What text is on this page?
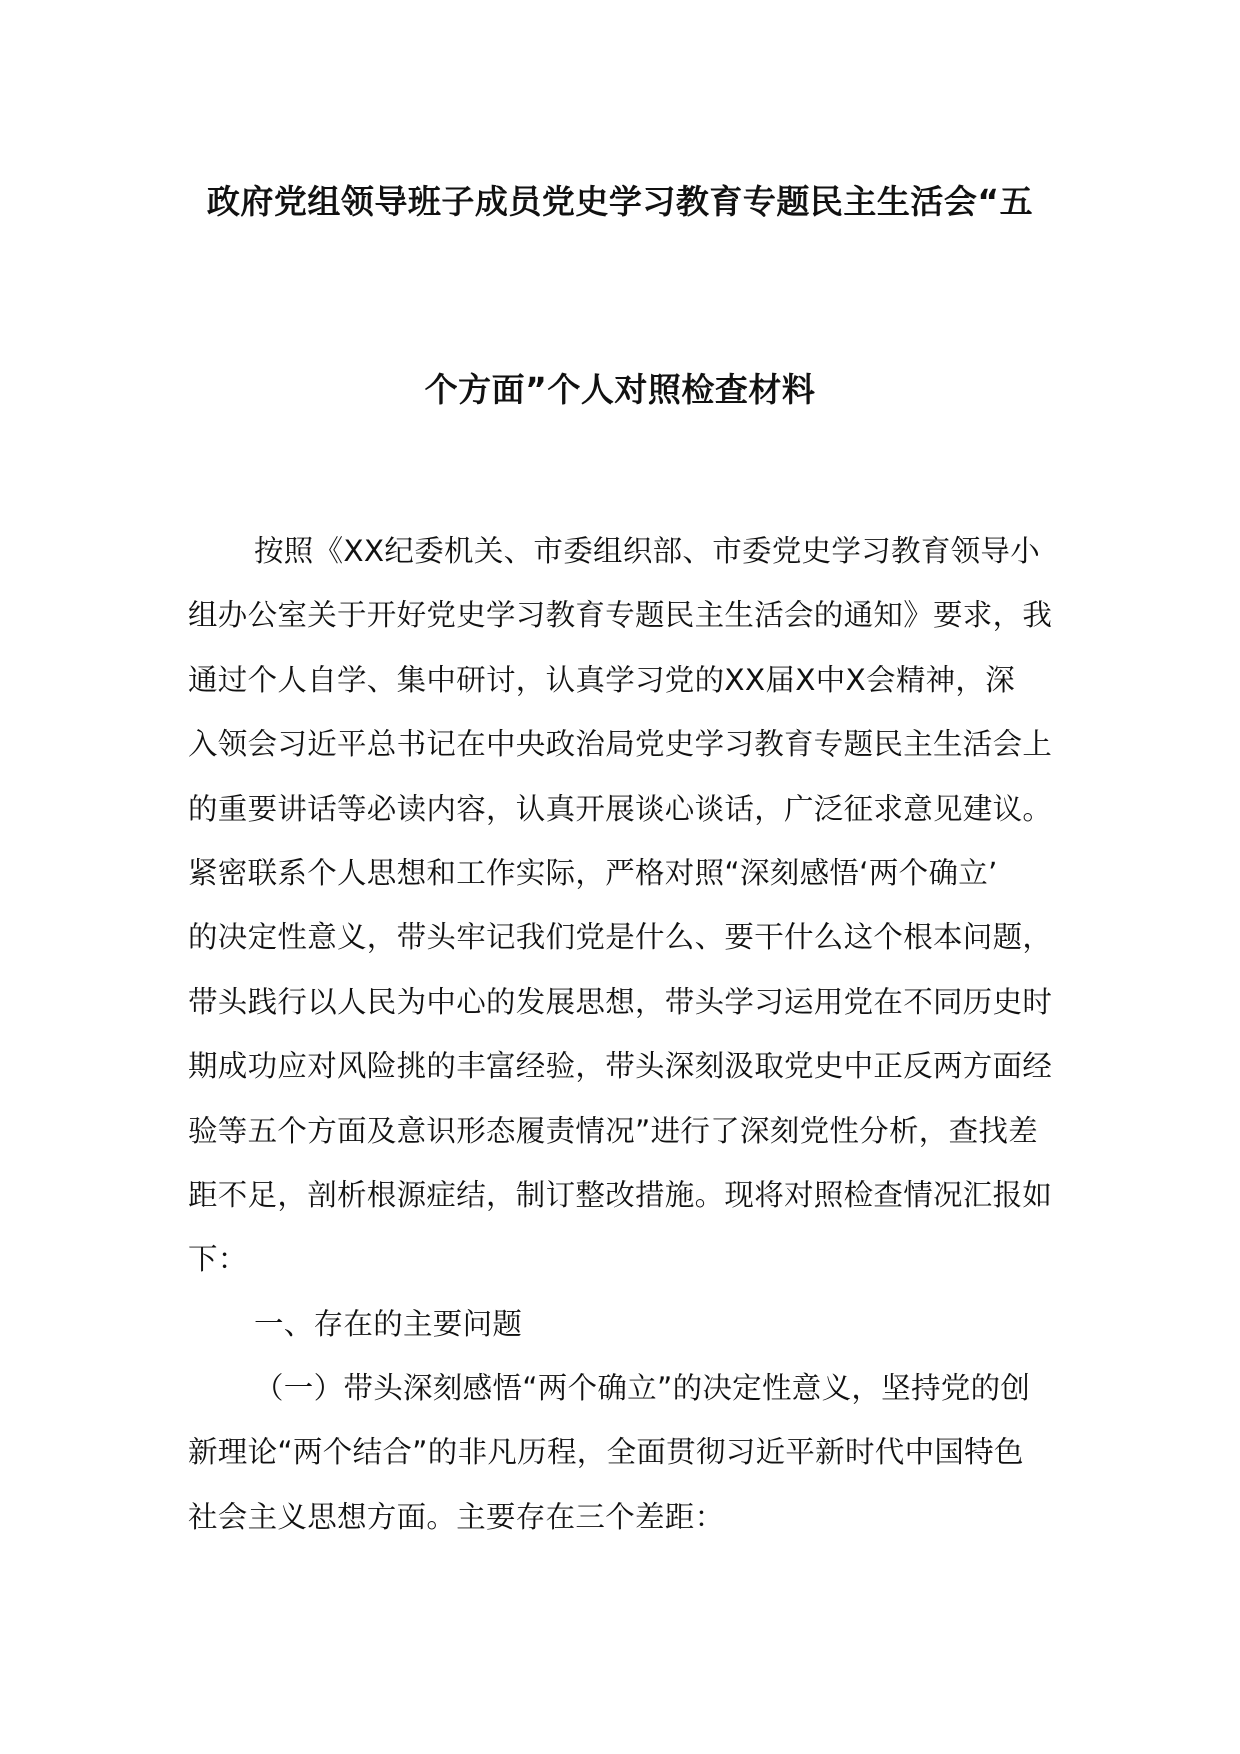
政府党组领导班子成员党史学习教育专题民主生活会“五
个方面”个人对照检查材料
按照《XX纪委机关、市委组织部、市委党史学习教育领导小
组办公室关于开好党史学习教育专题民主生活会的通知》要求，我
通过个人自学、集中研讨，认真学习党的XX届X中X会精神，深
入领会习近平总书记在中央政治局党史学习教育专题民主生活会上
的重要讲话等必读内容，认真开展谈心谈话，广泛征求意见建议。
紧密联系个人思想和工作实际，严格对照“深刻感悟‘两个确立’
的决定性意义，带头牢记我们党是什么、要干什么这个根本问题，
带头践行以人民为中心的发展思想，带头学习运用党在不同历史时
期成功应对风险挑的丰富经验，带头深刻汲取党史中正反两方面经
验等五个方面及意识形态履责情况”进行了深刻党性分析，查找差
距不足，剖析根源症结，制订整改措施。现将对照检查情况汇报如
下：
一、存在的主要问题
（一）带头深刻感悟“两个确立”的决定性意义，坚持党的创
新理论“两个结合”的非凡历程，全面贯彻习近平新时代中国特色
社会主义思想方面。主要存在三个差距：
